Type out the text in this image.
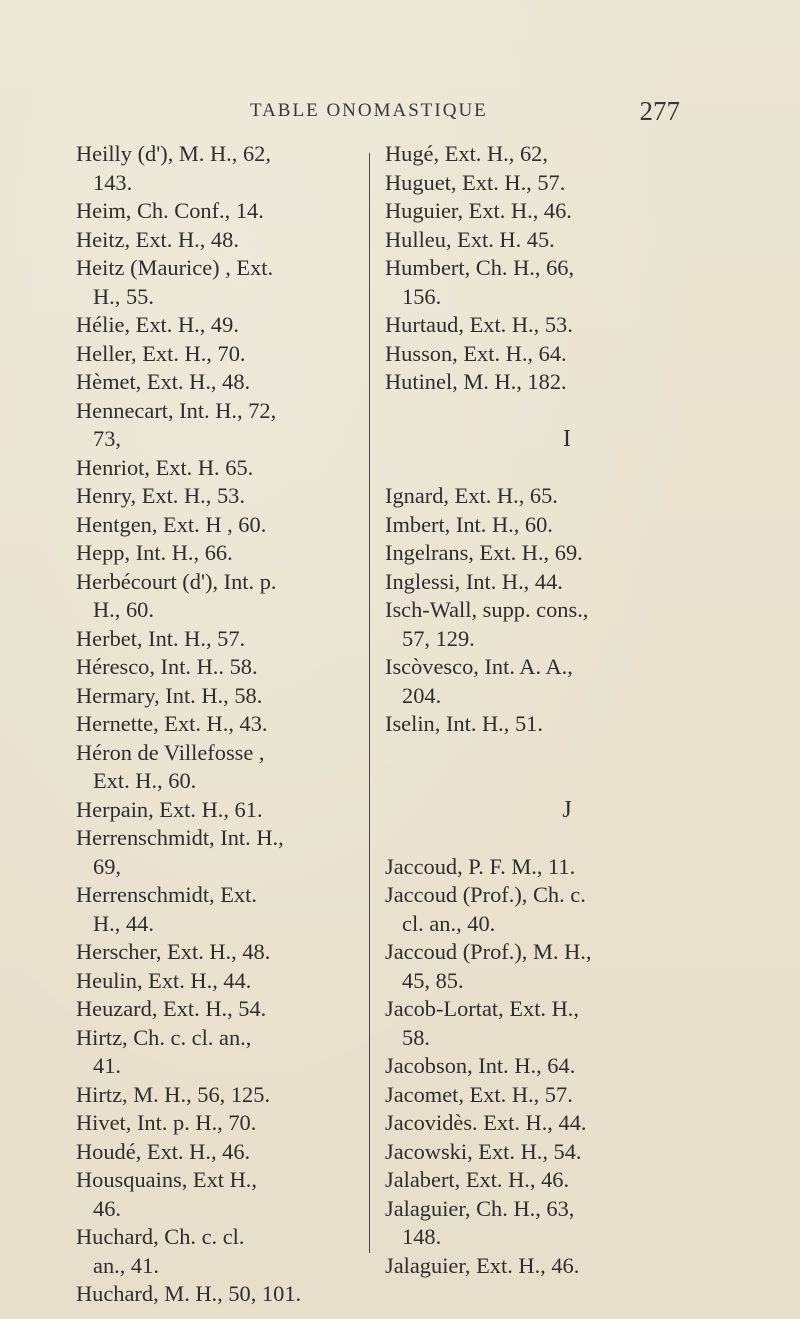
TABLE ONOMASTIQUE	277
Heilly (d'), M. H., 62,
143.
Heim, Ch. Conf., 14.
Heitz, Ext. H., 48.
Heitz (Maurice) , Ext.
H., 55.
Hélie, Ext. H., 49.
Heller, Ext. H., 70.
Hèmet, Ext. H., 48.
Hennecart, Int. H., 72,
73,
Henriot, Ext. H. 65.
Henry, Ext. H., 53.
Hentgen, Ext. H , 60.
Hepp, Int. H., 66.
Herbécourt (d'), Int. p.
H., 60.
Herbet, Int. H., 57.
Héresco, Int. H.. 58.
Hermary, Int. H., 58.
Hernette, Ext. H., 43.
Héron de Villefosse ,
Ext. H., 60.
Herpain, Ext. H., 61.
Herrenschmidt, Int. H.,
69,
Herrenschmidt, Ext.
H., 44.
Herscher, Ext. H., 48.
Heulin, Ext. H., 44.
Heuzard, Ext. H., 54.
Hirtz, Ch. c. cl. an.,
41.
Hirtz, M. H., 56, 125.
Hivet, Int. p. H., 70.
Houdé, Ext. H., 46.
Housquains, Ext H.,
46.
Huchard, Ch. c. cl.
an., 41.
Huchard, M. H., 50, 101.
Hugé, Ext. H., 62,
Huguet, Ext. H., 57.
Huguier, Ext. H., 46.
Hulleu, Ext. H. 45.
Humbert, Ch. H., 66,
156.
Hurtaud, Ext. H., 53.
Husson, Ext. H., 64.
Hutinel, M. H., 182.
I
Ignard, Ext. H., 65.
Imbert, Int. H., 60.
Ingelrans, Ext. H., 69.
Inglessi, Int. H., 44.
Isch-Wall, supp. cons.,
57, 129.
Iscòvesco, Int. A. A.,
204.
Iselin, Int. H., 51.
J
Jaccoud, P. F. M., 11.
Jaccoud (Prof.), Ch. c.
cl. an., 40.
Jaccoud (Prof.), M. H.,
45, 85.
Jacob-Lortat, Ext. H.,
58.
Jacobson, Int. H., 64.
Jacomet, Ext. H., 57.
Jacovidès. Ext. H., 44.
Jacowski, Ext. H., 54.
Jalabert, Ext. H., 46.
Jalaguier, Ch. H., 63,
148.
Jalaguier, Ext. H., 46.
